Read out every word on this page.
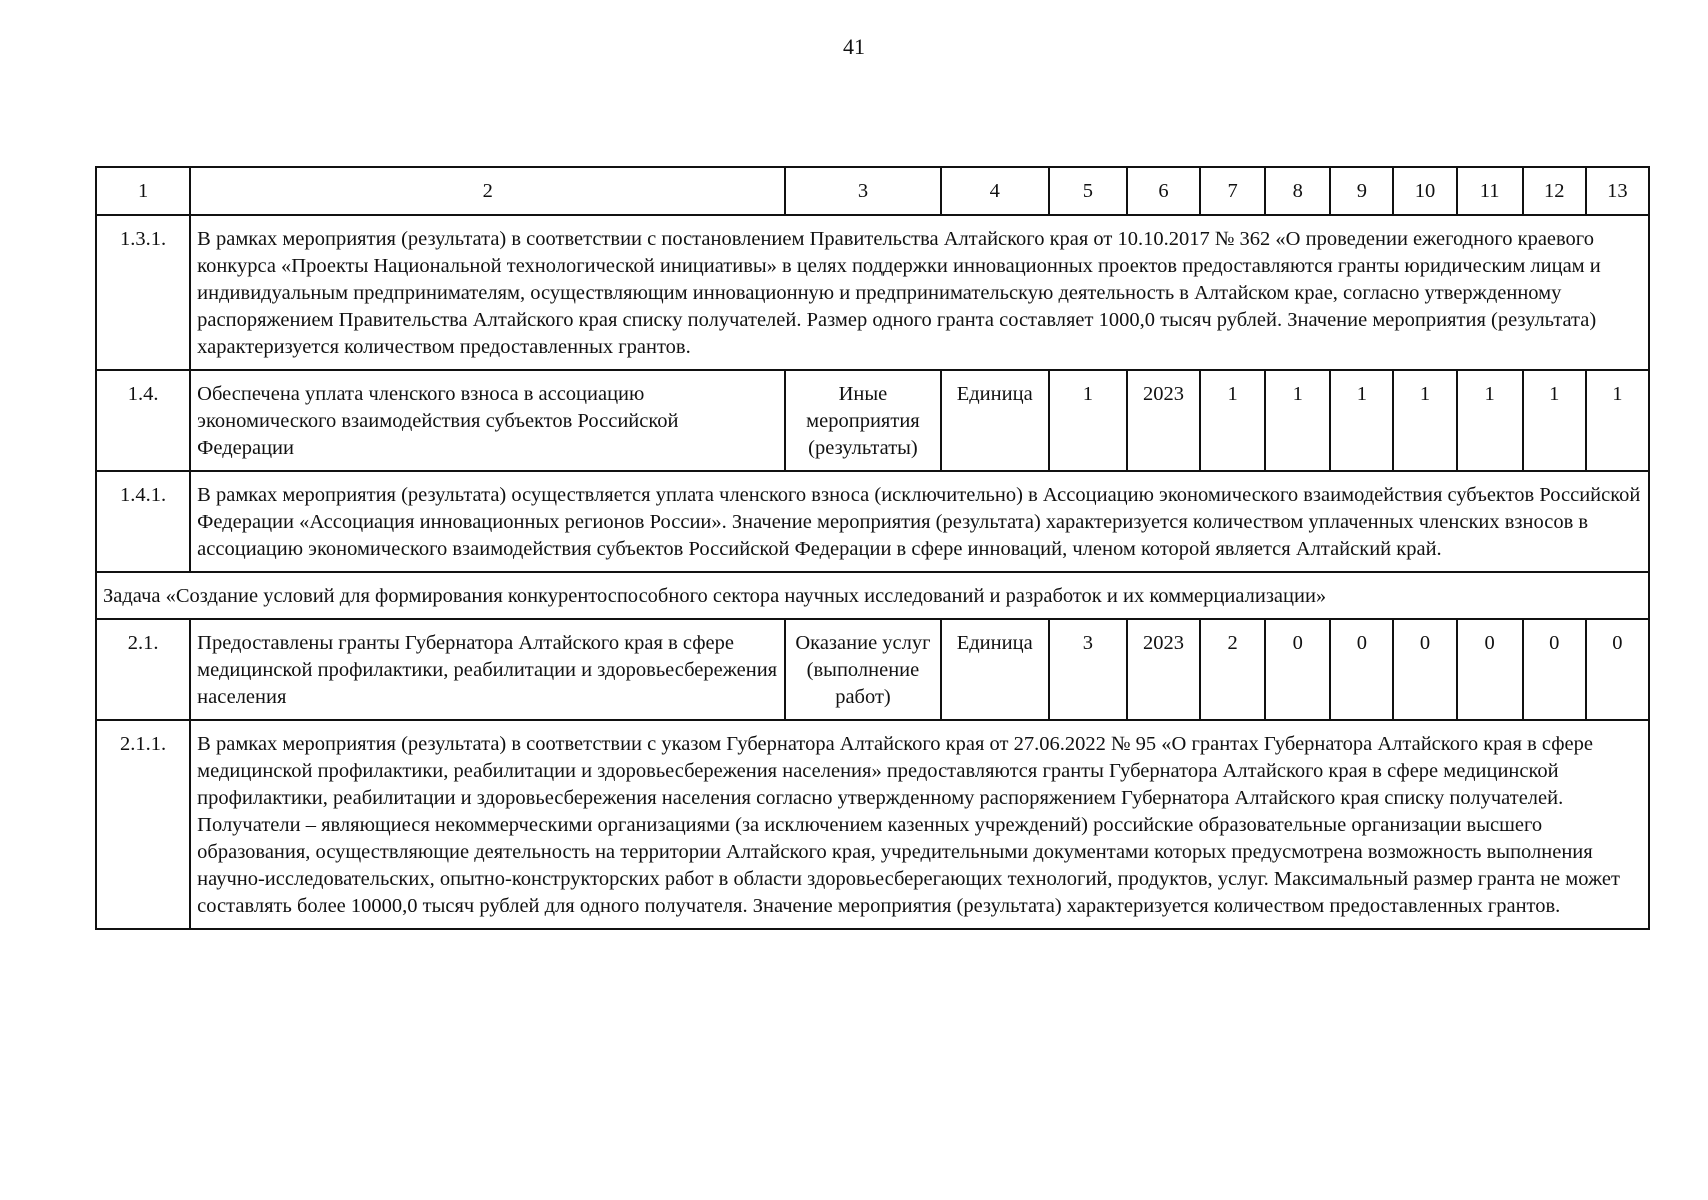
41
1	2	3	4	5	6	7	8	9	10	11	12	13
1.3.1.	В рамках мероприятия (результата) в соответствии с постановлением Правительства Алтайского края от 10.10.2017 № 362 «О проведении ежегодного краевого конкурса «Проекты Национальной технологической инициативы» в целях поддержки инновационных проектов предоставляются гранты юридическим лицам и индивидуальным предпринимателям, осуществляющим инновационную и предпринимательскую деятельность в Алтайском крае, согласно утвержденному распоряжением Правительства Алтайского края списку получателей. Размер одного гранта составляет 1000,0 тысяч рублей. Значение мероприятия (результата) характеризуется количеством предоставленных грантов.											
1.4.	Обеспечена уплата членского взноса в ассоциацию экономического взаимодействия субъектов Российской Федерации	Иные мероприятия (результаты)	Единица	1	2023	1	1	1	1	1	1	1
1.4.1.	В рамках мероприятия (результата) осуществляется уплата членского взноса (исключительно) в Ассоциацию экономического взаимодействия субъектов Российской Федерации «Ассоциация инновационных регионов России». Значение мероприятия (результата) характеризуется количеством уплаченных членских взносов в ассоциацию экономического взаимодействия субъектов Российской Федерации в сфере инноваций, членом которой является Алтайский край.											
Задача «Создание условий для формирования конкурентоспособного сектора научных исследований и разработок и их коммерциализации»												
2.1.	Предоставлены гранты Губернатора Алтайского края в сфере медицинской профилактики, реабилитации и здоровьесбережения населения	Оказание услуг (выполнение работ)	Единица	3	2023	2	0	0	0	0	0	0
2.1.1.	В рамках мероприятия (результата) в соответствии с указом Губернатора Алтайского края от 27.06.2022 № 95 «О грантах Губернатора Алтайского края в сфере медицинской профилактики, реабилитации и здоровьесбережения населения» предоставляются гранты Губернатора Алтайского края в сфере медицинской профилактики, реабилитации и здоровьесбережения населения согласно утвержденному распоряжением Губернатора Алтайского края списку получателей. Получатели – являющиеся некоммерческими организациями (за исключением казенных учреждений) российские образовательные организации высшего образования, осуществляющие деятельность на территории Алтайского края, учредительными документами которых предусмотрена возможность выполнения научно-исследовательских, опытно-конструкторских работ в области здоровьесберегающих технологий, продуктов, услуг. Максимальный размер гранта не может составлять более 10000,0 тысяч рублей для одного получателя. Значение мероприятия (результата) характеризуется количеством предоставленных грантов.											
